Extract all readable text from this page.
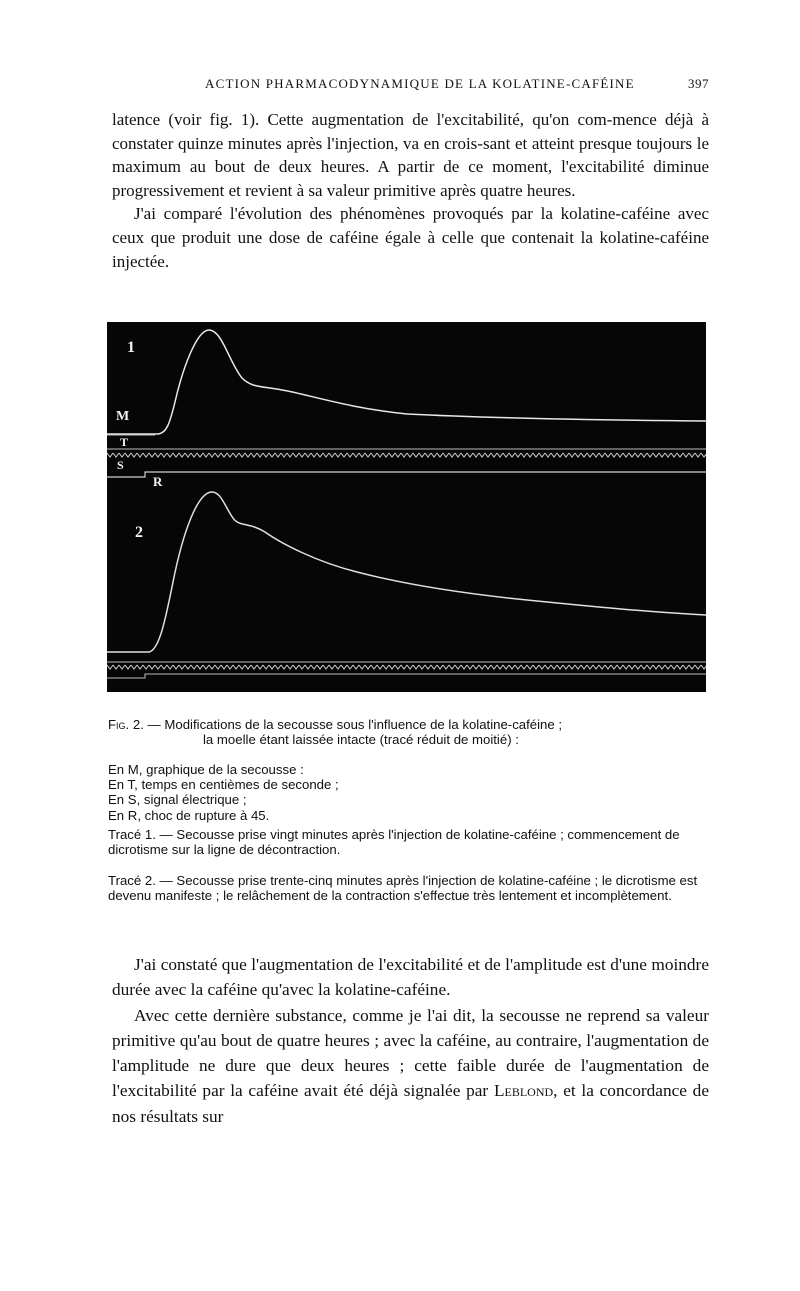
ACTION PHARMACODYNAMIQUE DE LA KOLATINE-CAFÉINE	397

latence (voir fig. 1). Cette augmentation de l'excitabilité, qu'on com-mence déjà à constater quinze minutes après l'injection, va en crois-sant et atteint presque toujours le maximum au bout de deux heures. A partir de ce moment, l'excitabilité diminue progressivement et revient à sa valeur primitive après quatre heures.

J'ai comparé l'évolution des phénomènes provoqués par la kolatine-caféine avec ceux que produit une dose de caféine égale à celle que contenait la kolatine-caféine injectée.

1
M
T
S
R
2

Fig. 2. — Modifications de la secousse sous l'influence de la kolatine-caféine ;

la moelle étant laissée intacte (tracé réduit de moitié) :

En M, graphique de la secousse :

En T, temps en centièmes de seconde ;

En S, signal électrique ;

En R, choc de rupture à 45.

Tracé 1. — Secousse prise vingt minutes après l'injection de kolatine-caféine ; commencement de dicrotisme sur la ligne de décontraction.

Tracé 2. — Secousse prise trente-cinq minutes après l'injection de kolatine-caféine ; le dicrotisme est devenu manifeste ; le relâchement de la contraction s'effectue très lentement et incomplètement.

J'ai constaté que l'augmentation de l'excitabilité et de l'amplitude est d'une moindre durée avec la caféine qu'avec la kolatine-caféine.

Avec cette dernière substance, comme je l'ai dit, la secousse ne reprend sa valeur primitive qu'au bout de quatre heures ; avec la caféine, au contraire, l'augmentation de l'amplitude ne dure que deux heures ; cette faible durée de l'augmentation de l'excitabilité par la caféine avait été déjà signalée par Leblond, et la concordance de nos résultats sur
